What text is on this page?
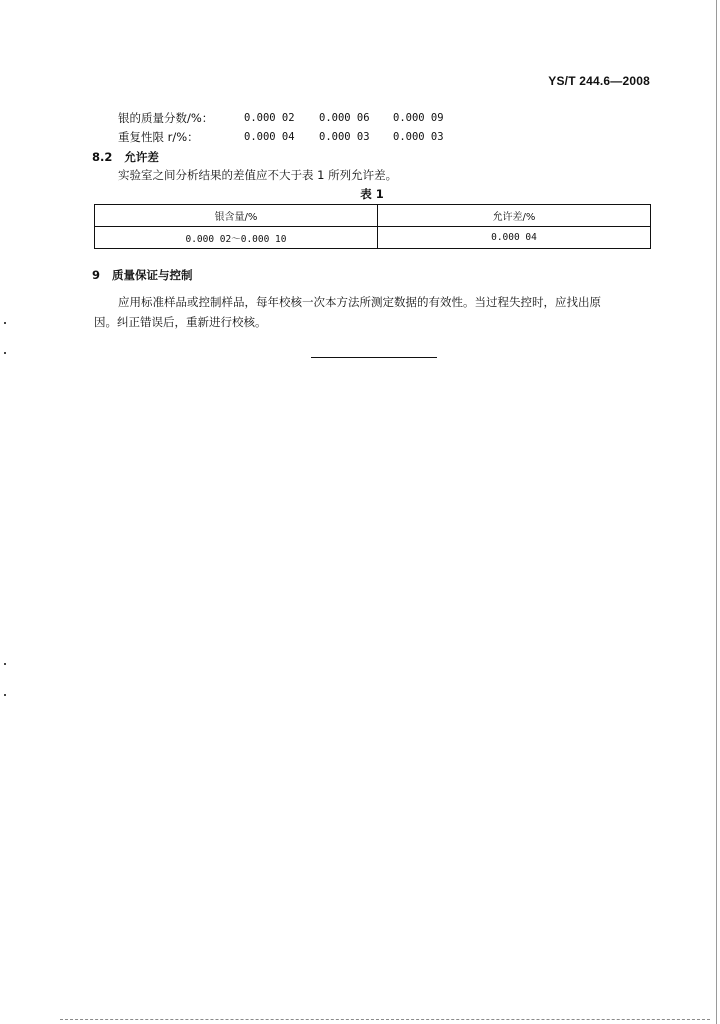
YS/T 244.6—2008
银的质量分数/%：	0.000 02 0.000 06 0.000 09
重复性限 r/%：	0.000 04 0.000 03 0.000 03
8.2 允许差
实验室之间分析结果的差值应不大于表 1 所列允许差。
表 1
银含量/%	允许差/%
0.000 02～0.000 10	0.000 04
9 质量保证与控制
应用标准样品或控制样品，每年校核一次本方法所测定数据的有效性。当过程失控时，应找出原
因。纠正错误后，重新进行校核。
